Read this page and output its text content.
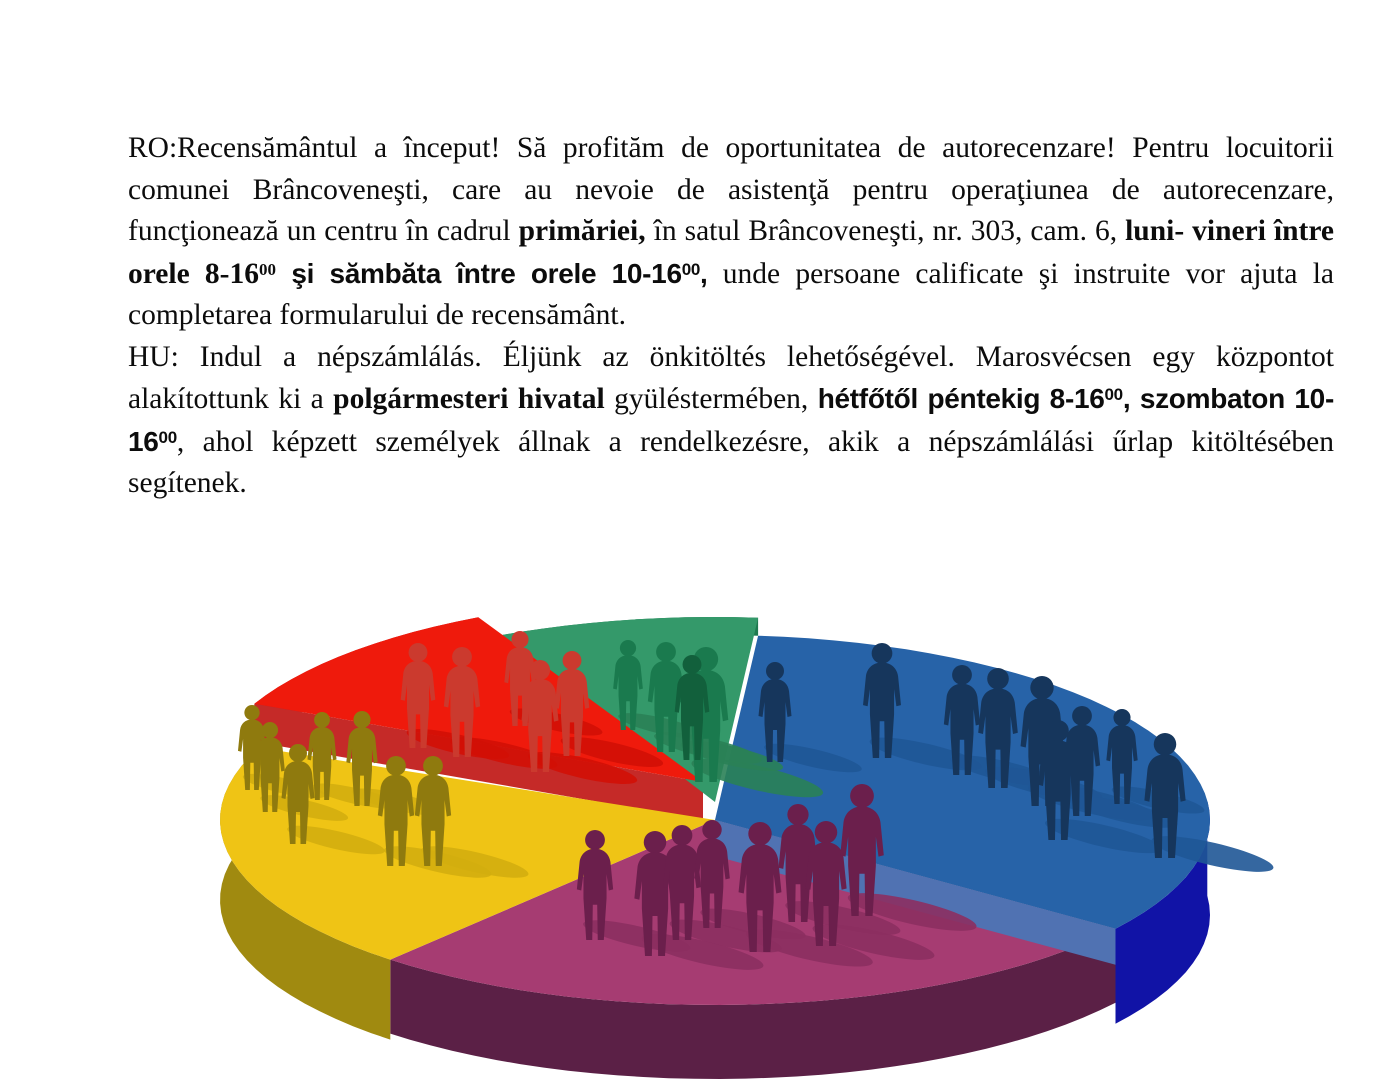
RO:Recensământul a început! Să profităm de oportunitatea de autorecenzare! Pentru locuitorii comunei Brâncoveneşti, care au nevoie de asistenţă pentru operaţiunea de autorecenzare, funcţionează un centru în cadrul primăriei, în satul Brâncoveneşti, nr. 303, cam. 6, luni- vineri între orele $8-16^{00}$ şi sămbăta între orele $10-16^{00}$, unde persoane calificate şi instruite vor ajuta la completarea formularului de recensământ.

HU: Indul a népszámlálás. Éljünk az önkitöltés lehetőségével. Marosvécsen egy központot alakítottunk ki a polgármesteri hivatal gyüléstermében, hétfőtől péntekig $8-16^{00}$, szombaton $10-16^{00}$, ahol képzett személyek állnak a rendelkezésre, akik a népszámlálási űrlap kitöltésében segítenek.
